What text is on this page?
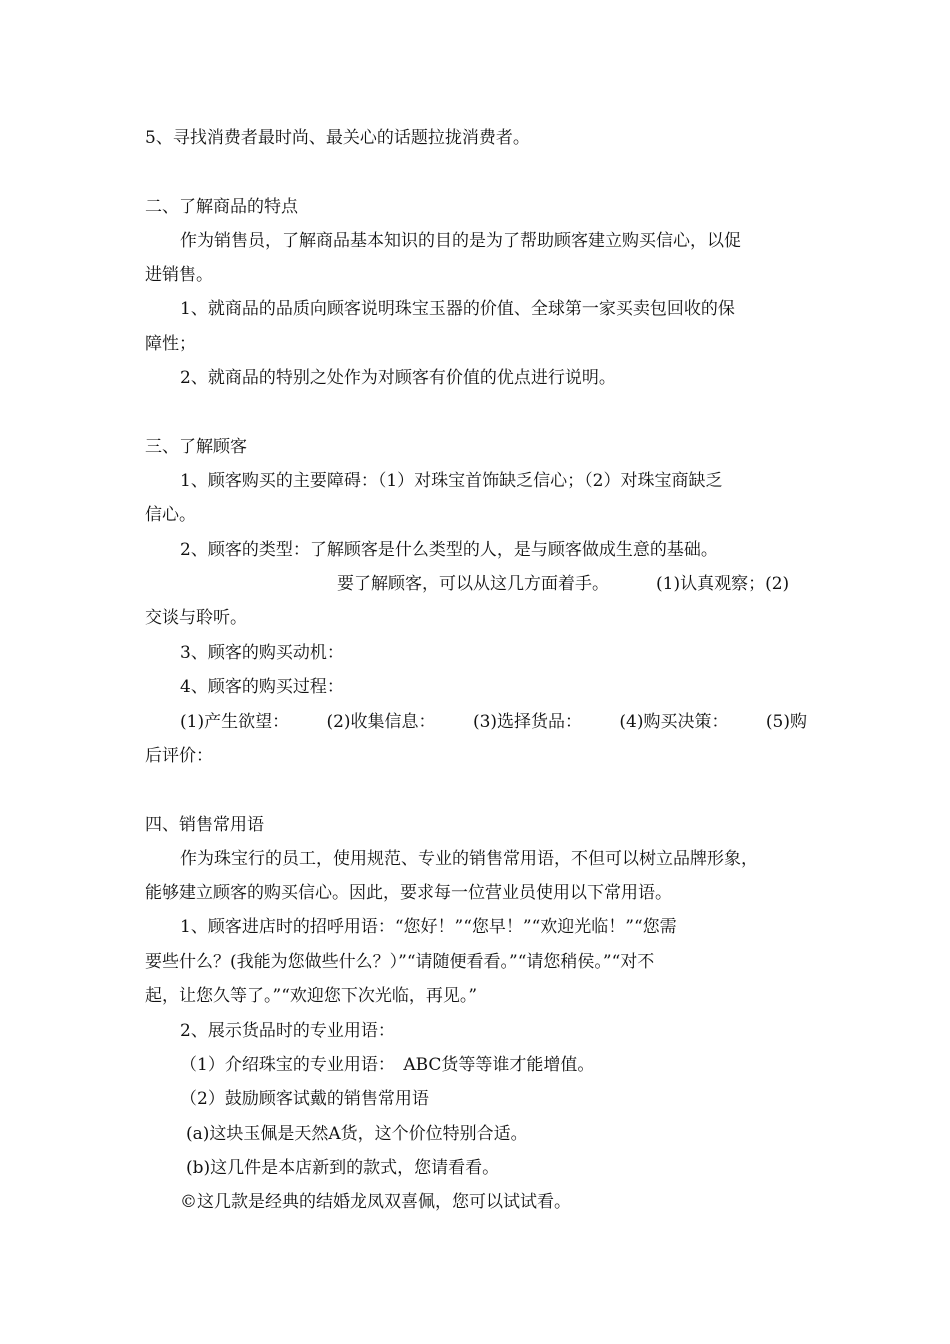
5、寻找消费者最时尚、最关心的话题拉拢消费者。
二、了解商品的特点
作为销售员，了解商品基本知识的目的是为了帮助顾客建立购买信心，以促
进销售。
1、就商品的品质向顾客说明珠宝玉器的价值、全球第一家买卖包回收的保
障性；
2、就商品的特别之处作为对顾客有价值的优点进行说明。
三、了解顾客
1、顾客购买的主要障碍：（1）对珠宝首饰缺乏信心；（2）对珠宝商缺乏
信心。
2、顾客的类型：了解顾客是什么类型的人，是与顾客做成生意的基础。
要了解顾客，可以从这几方面着手。	(1)认真观察；(2)
交谈与聆听。
3、顾客的购买动机：
4、顾客的购买过程：
(1)产生欲望： (2)收集信息： (3)选择货品： (4)购买决策： (5)购
后评价：
四、销售常用语
作为珠宝行的员工，使用规范、专业的销售常用语，不但可以树立品牌形象，
能够建立顾客的购买信心。因此，要求每一位营业员使用以下常用语。
1、顾客进店时的招呼用语：“您好！”“您早！”“欢迎光临！”“您需
要些什么？(我能为您做些什么？）”“请随便看看。”“请您稍侯。”“对不
起，让您久等了。”“欢迎您下次光临，再见。”
2、展示货品时的专业用语：
（1）介绍珠宝的专业用语：　ABC货等等谁才能增值。
（2）鼓励顾客试戴的销售常用语
(a)这块玉佩是天然A货，这个价位特别合适。
(b)这几件是本店新到的款式，您请看看。
©这几款是经典的结婚龙凤双喜佩，您可以试试看。
